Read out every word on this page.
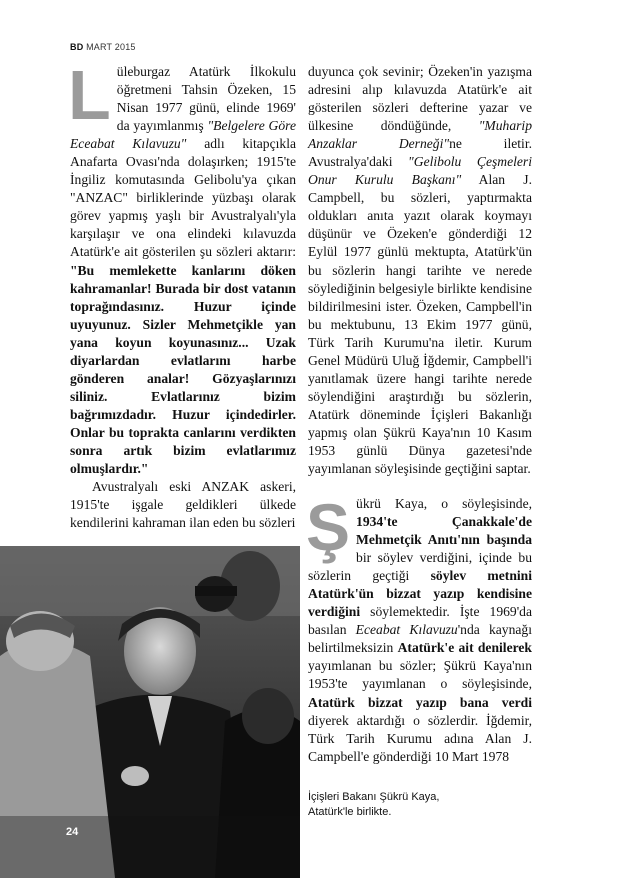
BD MART 2015

Lüleburgaz Atatürk İlkokulu öğretmeni Tahsin Özeken, 15 Nisan 1977 günü, elinde 1969' da yayımlanmış "Belgelere Göre Eceabat Kılavuzu" adlı kitapçıkla Anafarta Ovası'nda dolaşırken; 1915'te İngiliz komutasında Gelibolu'ya çıkan "ANZAC" birliklerinde yüzbaşı olarak görev yapmış yaşlı bir Avustralyalı'yla karşılaşır ve ona elindeki kılavuzda Atatürk'e ait gösterilen şu sözleri aktarır: "Bu memlekette kanlarını döken kahramanlar! Burada bir dost vatanın toprağındasınız. Huzur içinde uyuyunuz. Sizler Mehmetçikle yan yana koyun koyunasınız... Uzak diyarlardan evlatlarını harbe gönderen analar! Gözyaşlarınızı siliniz. Evlatlarınız bizim bağrımızdadır. Huzur içindedirler. Onlar bu toprakta canlarını verdikten sonra artık bizim evlatlarımız olmuşlardır."

Avustralyalı eski ANZAK askeri, 1915'te işgale geldikleri ülkede kendilerini kahraman ilan eden bu sözleri

duyunca çok sevinir; Özeken'in yazışma adresini alıp kılavuzda Atatürk'e ait gösterilen sözleri defterine yazar ve ülkesine döndüğünde, "Muharip Anzaklar Derneği"ne iletir. Avustralya'daki "Gelibolu Çeşmeleri Onur Kurulu Başkanı" Alan J. Campbell, bu sözleri, yaptırmakta oldukları anıta yazıt olarak koymayı düşünür ve Özeken'e gönderdiği 12 Eylül 1977 günlü mektupta, Atatürk'ün bu sözlerin hangi tarihte ve nerede söylediğinin belgesiyle birlikte kendisine bildirilmesini ister. Özeken, Campbell'in bu mektubunu, 13 Ekim 1977 günü, Türk Tarih Kurumu'na iletir. Kurum Genel Müdürü Uluğ İğdemir, Campbell'i yanıtlamak üzere hangi tarihte nerede söylendiğini araştırdığı bu sözlerin, Atatürk döneminde İçişleri Bakanlığı yapmış olan Şükrü Kaya'nın 10 Kasım 1953 günlü Dünya gazetesi'nde yayımlanan söyleşisinde geçtiğini saptar.

Şükrü Kaya, o söyleşisinde, 1934'te Çanakkale'de Mehmetçik Anıtı'nın başında bir söylev verdiğini, içinde bu sözlerin geçtiği söylev metnini Atatürk'ün bizzat yazıp kendisine verdiğini söylemektedir. İşte 1969'da basılan Eceabat Kılavuzu'nda kaynağı belirtilmeksizin Atatürk'e ait denilerek yayımlanan bu sözler; Şükrü Kaya'nın 1953'te yayımlanan o söyleşisinde, Atatürk bizzat yazıp bana verdi diyerek aktardığı o sözlerdir. İğdemir, Türk Tarih Kurumu adına Alan J. Campbell'e gönderdiği 10 Mart 1978

24
İçişleri Bakanı Şükrü Kaya,
Atatürk'le birlikte.
